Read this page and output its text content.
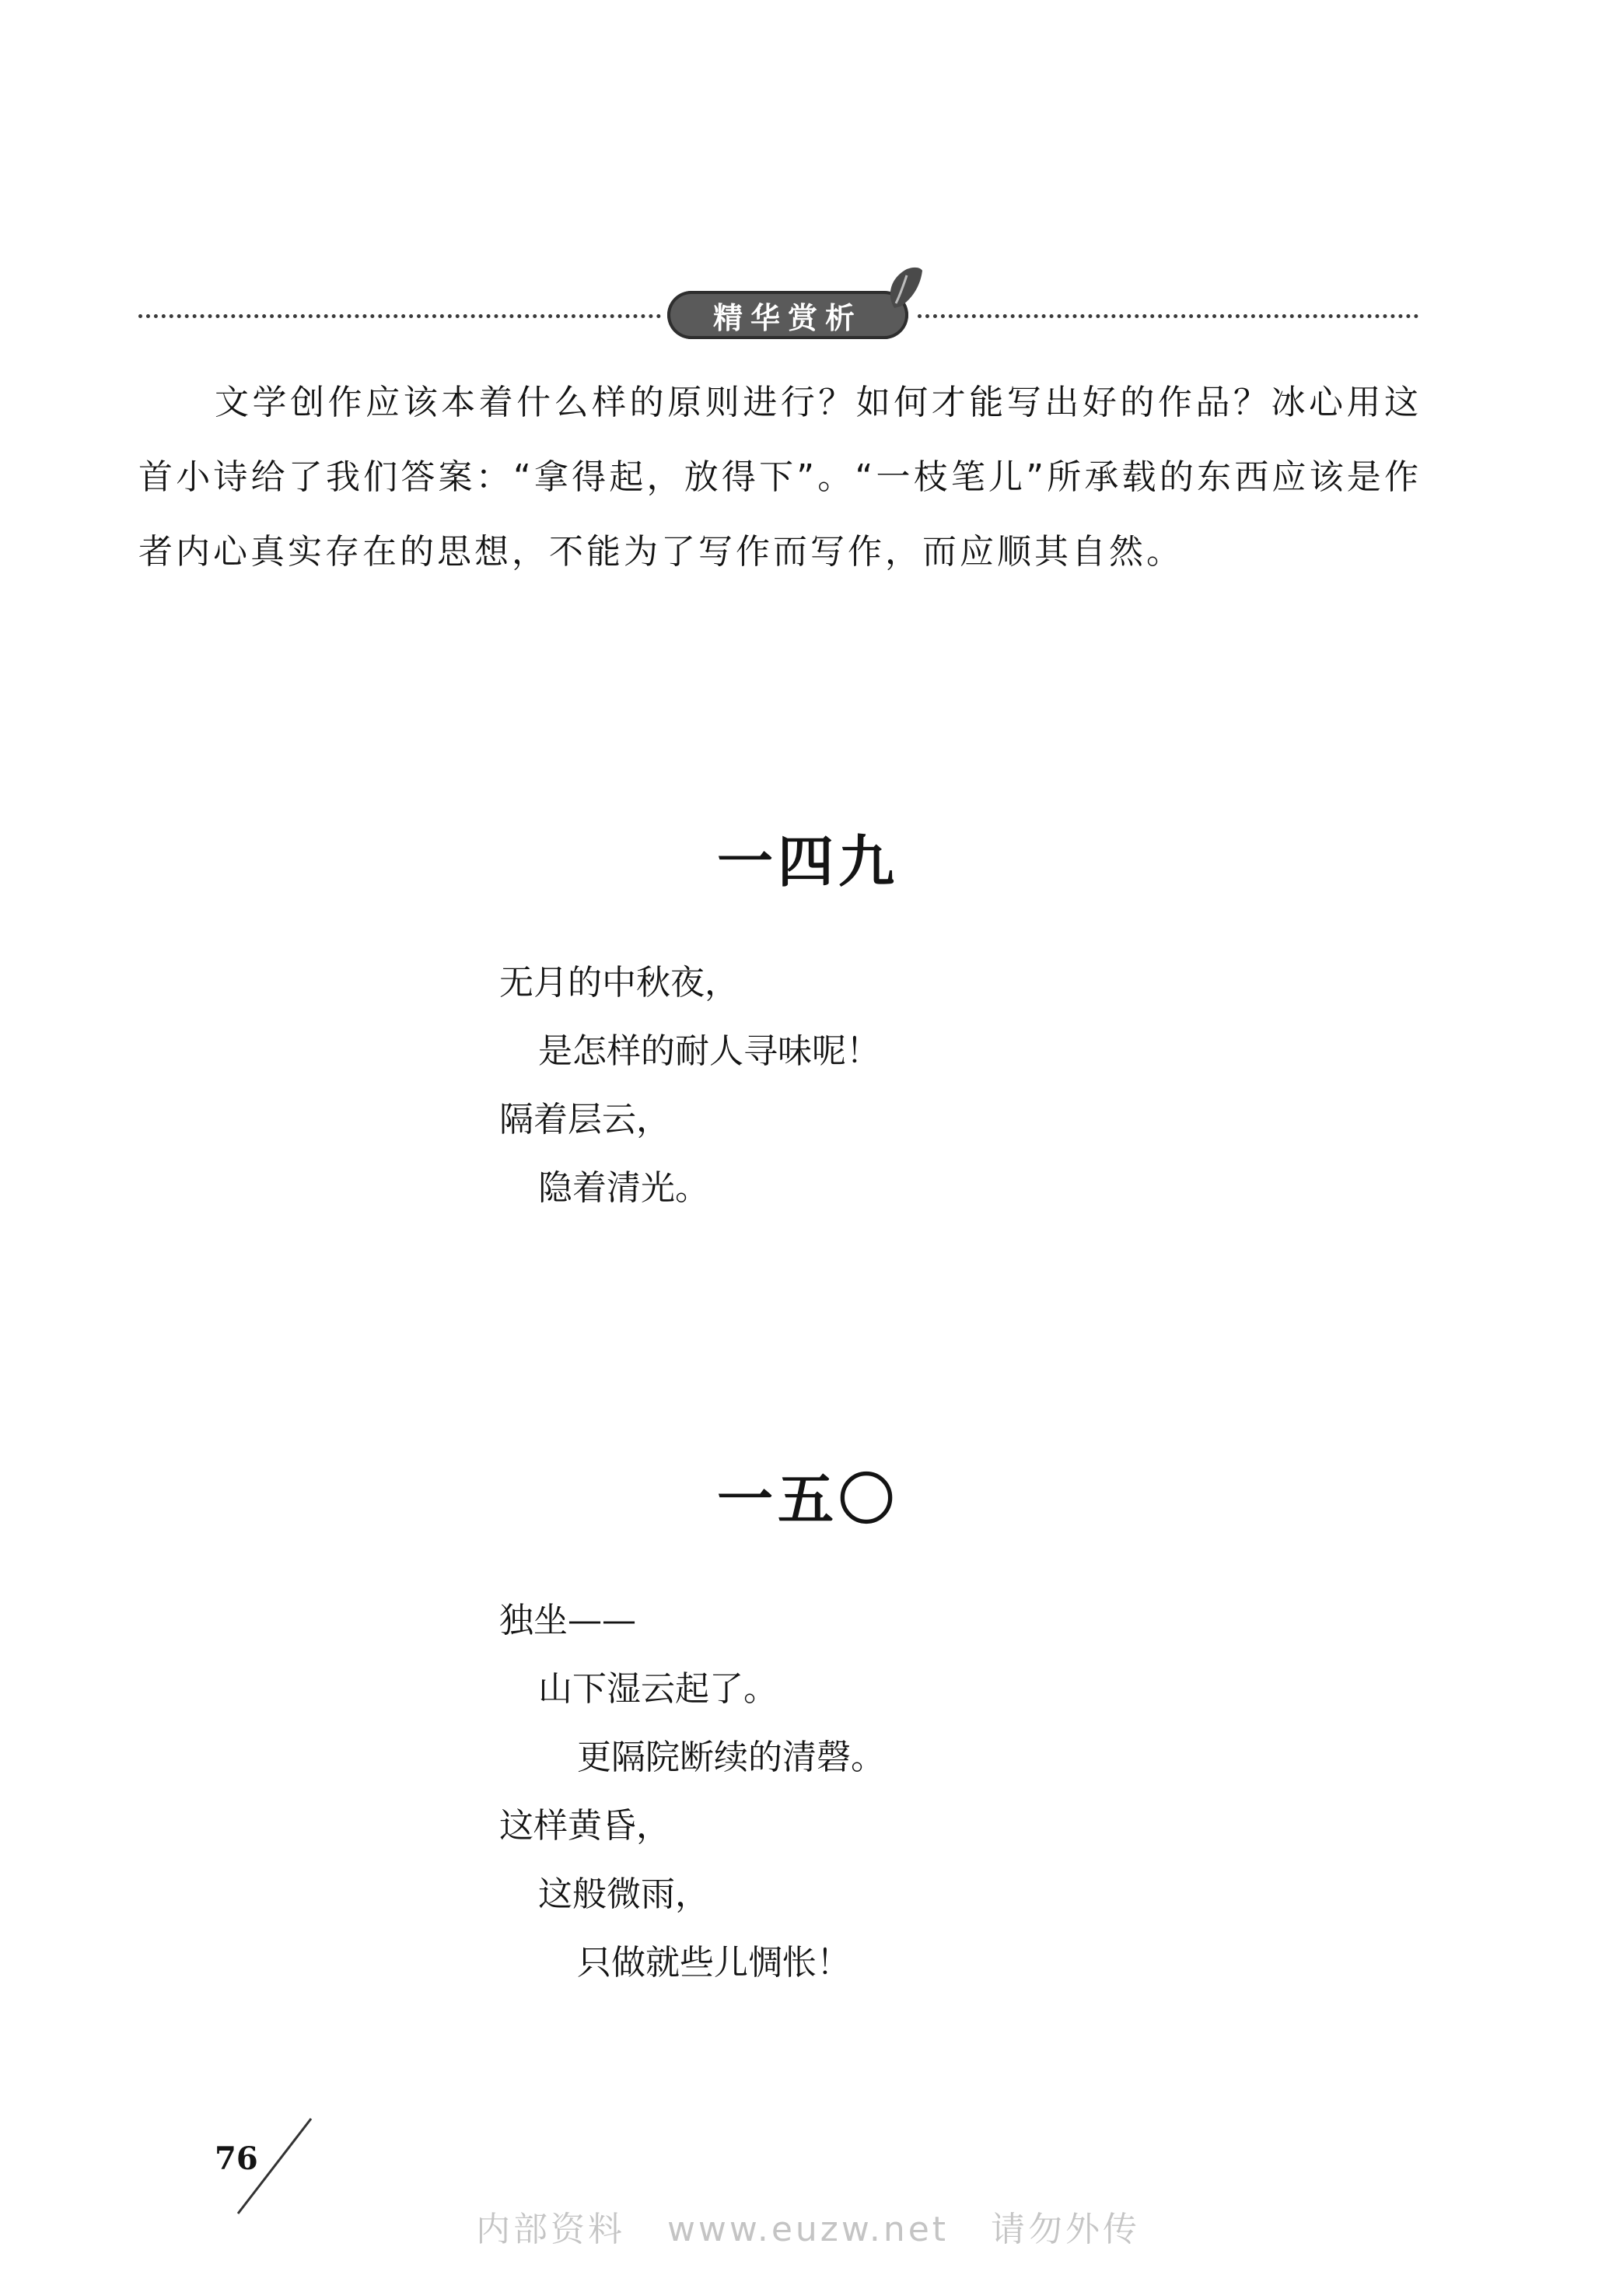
精华赏析
文学创作应该本着什么样的原则进行？如何才能写出好的作品？冰心用这首小诗给了我们答案：“拿得起，放得下”。“一枝笔儿”所承载的东西应该是作者内心真实存在的思想，不能为了写作而写作，而应顺其自然。
一四九
无月的中秋夜，
是怎样的耐人寻味呢！
隔着层云，
隐着清光。
一五〇
独坐——
山下湿云起了。
更隔院断续的清磬。
这样黄昏，
这般微雨，
只做就些儿惆怅！
76
内部资料   www.euzw.net   请勿外传
